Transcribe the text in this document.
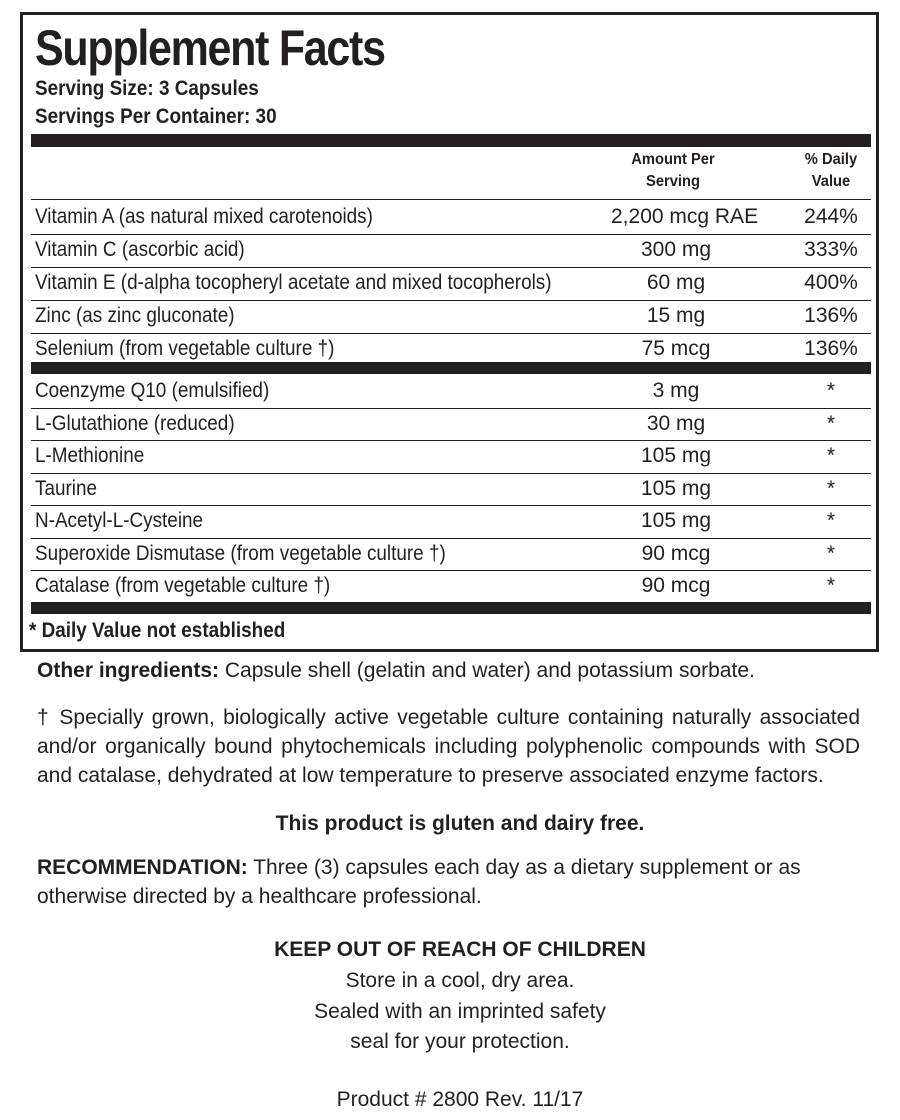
Supplement Facts
Serving Size: 3 Capsules
Servings Per Container: 30
Amount Per
Serving
% Daily
Value
Vitamin A (as natural mixed carotenoids)	2,200 mcg RAE	244%
Vitamin C (ascorbic acid)	300 mg	333%
Vitamin E (d-alpha tocopheryl acetate and mixed tocopherols)	60 mg	400%
Zinc (as zinc gluconate)	15 mg	136%
Selenium (from vegetable culture †)	75 mcg	136%
Coenzyme Q10 (emulsified)	3 mg	*
L-Glutathione (reduced)	30 mg	*
L-Methionine	105 mg	*
Taurine	105 mg	*
N-Acetyl-L-Cysteine	105 mg	*
Superoxide Dismutase (from vegetable culture †)	90 mcg	*
Catalase (from vegetable culture †)	90 mcg	*
* Daily Value not established
Other ingredients: Capsule shell (gelatin and water) and potassium sorbate.
† Specially grown, biologically active vegetable culture containing naturally associated and/or organically bound phytochemicals including polyphenolic compounds with SOD and catalase, dehydrated at low temperature to preserve associated enzyme factors.
This product is gluten and dairy free.
RECOMMENDATION: Three (3) capsules each day as a dietary supplement or as otherwise directed by a healthcare professional.
KEEP OUT OF REACH OF CHILDREN
Store in a cool, dry area.
Sealed with an imprinted safety
seal for your protection.
Product # 2800 Rev. 11/17
